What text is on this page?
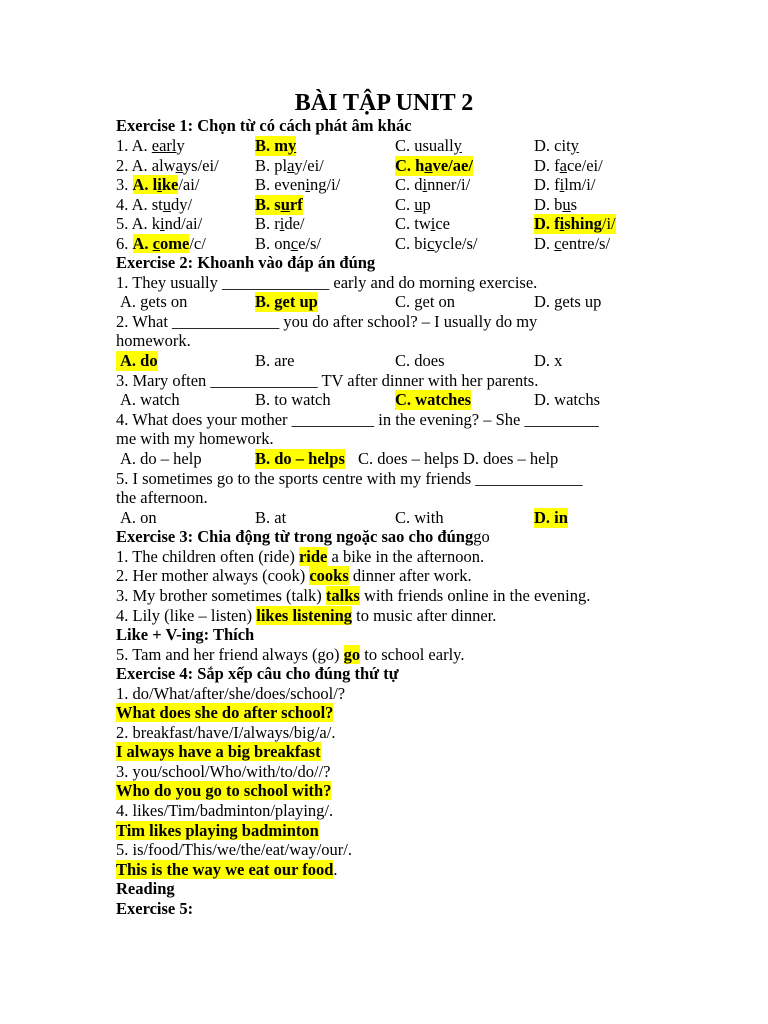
BÀI TẬP UNIT 2
Exercise 1: Chọn từ có cách phát âm khác
1. A. early	B. my	C. usually	D. city
2. A. always/ei/ B. play/ei/	C. have/ae/	D. face/ei/
3. A. like/ai/	B. evening/i/	C. dinner/i/	D. film/i/
4. A. study/	B. surf	C. up	D. bus
5. A. kind/ai/	B. ride/	C. twice	D. fishing/i/
6. A. come/c/	B. once/s/	C. bicycle/s/	D. centre/s/
Exercise 2: Khoanh vào đáp án đúng
1. They usually _____________ early and do morning exercise.
A. gets on	B. get up	C. get on	D. gets up
2. What _____________ you do after school? – I usually do my
homework.
A. do	B. are	C. does	D. x
3. Mary often _____________ TV after dinner with her parents.
A. watch	B. to watch	C. watches	D. watchs
4. What does your mother __________ in the evening? – She _________
me with my homework.
A. do – help	B. do – helps C. does – helps D. does – help
5. I sometimes go to the sports centre with my friends _____________
the afternoon.
A. on	B. at	C. with	D. in
Exercise 3: Chia động từ trong ngoặc sao cho đúnggo
1. The children often (ride) ride a bike in the afternoon.
2. Her mother always (cook) cooks dinner after work.
3. My brother sometimes (talk) talks with friends online in the evening.
4. Lily (like – listen) likes listening to music after dinner.
Like + V-ing: Thích
5. Tam and her friend always (go) go to school early.
Exercise 4: Sắp xếp câu cho đúng thứ tự
1. do/What/after/she/does/school/?
What does she do after school?
2. breakfast/have/I/always/big/a/.
I always have a big breakfast
3. you/school/Who/with/to/do//?
Who do you go to school with?
4. likes/Tim/badminton/playing/.
Tim likes playing badminton
5. is/food/This/we/the/eat/way/our/.
This is the way we eat our food.
Reading
Exercise 5:
